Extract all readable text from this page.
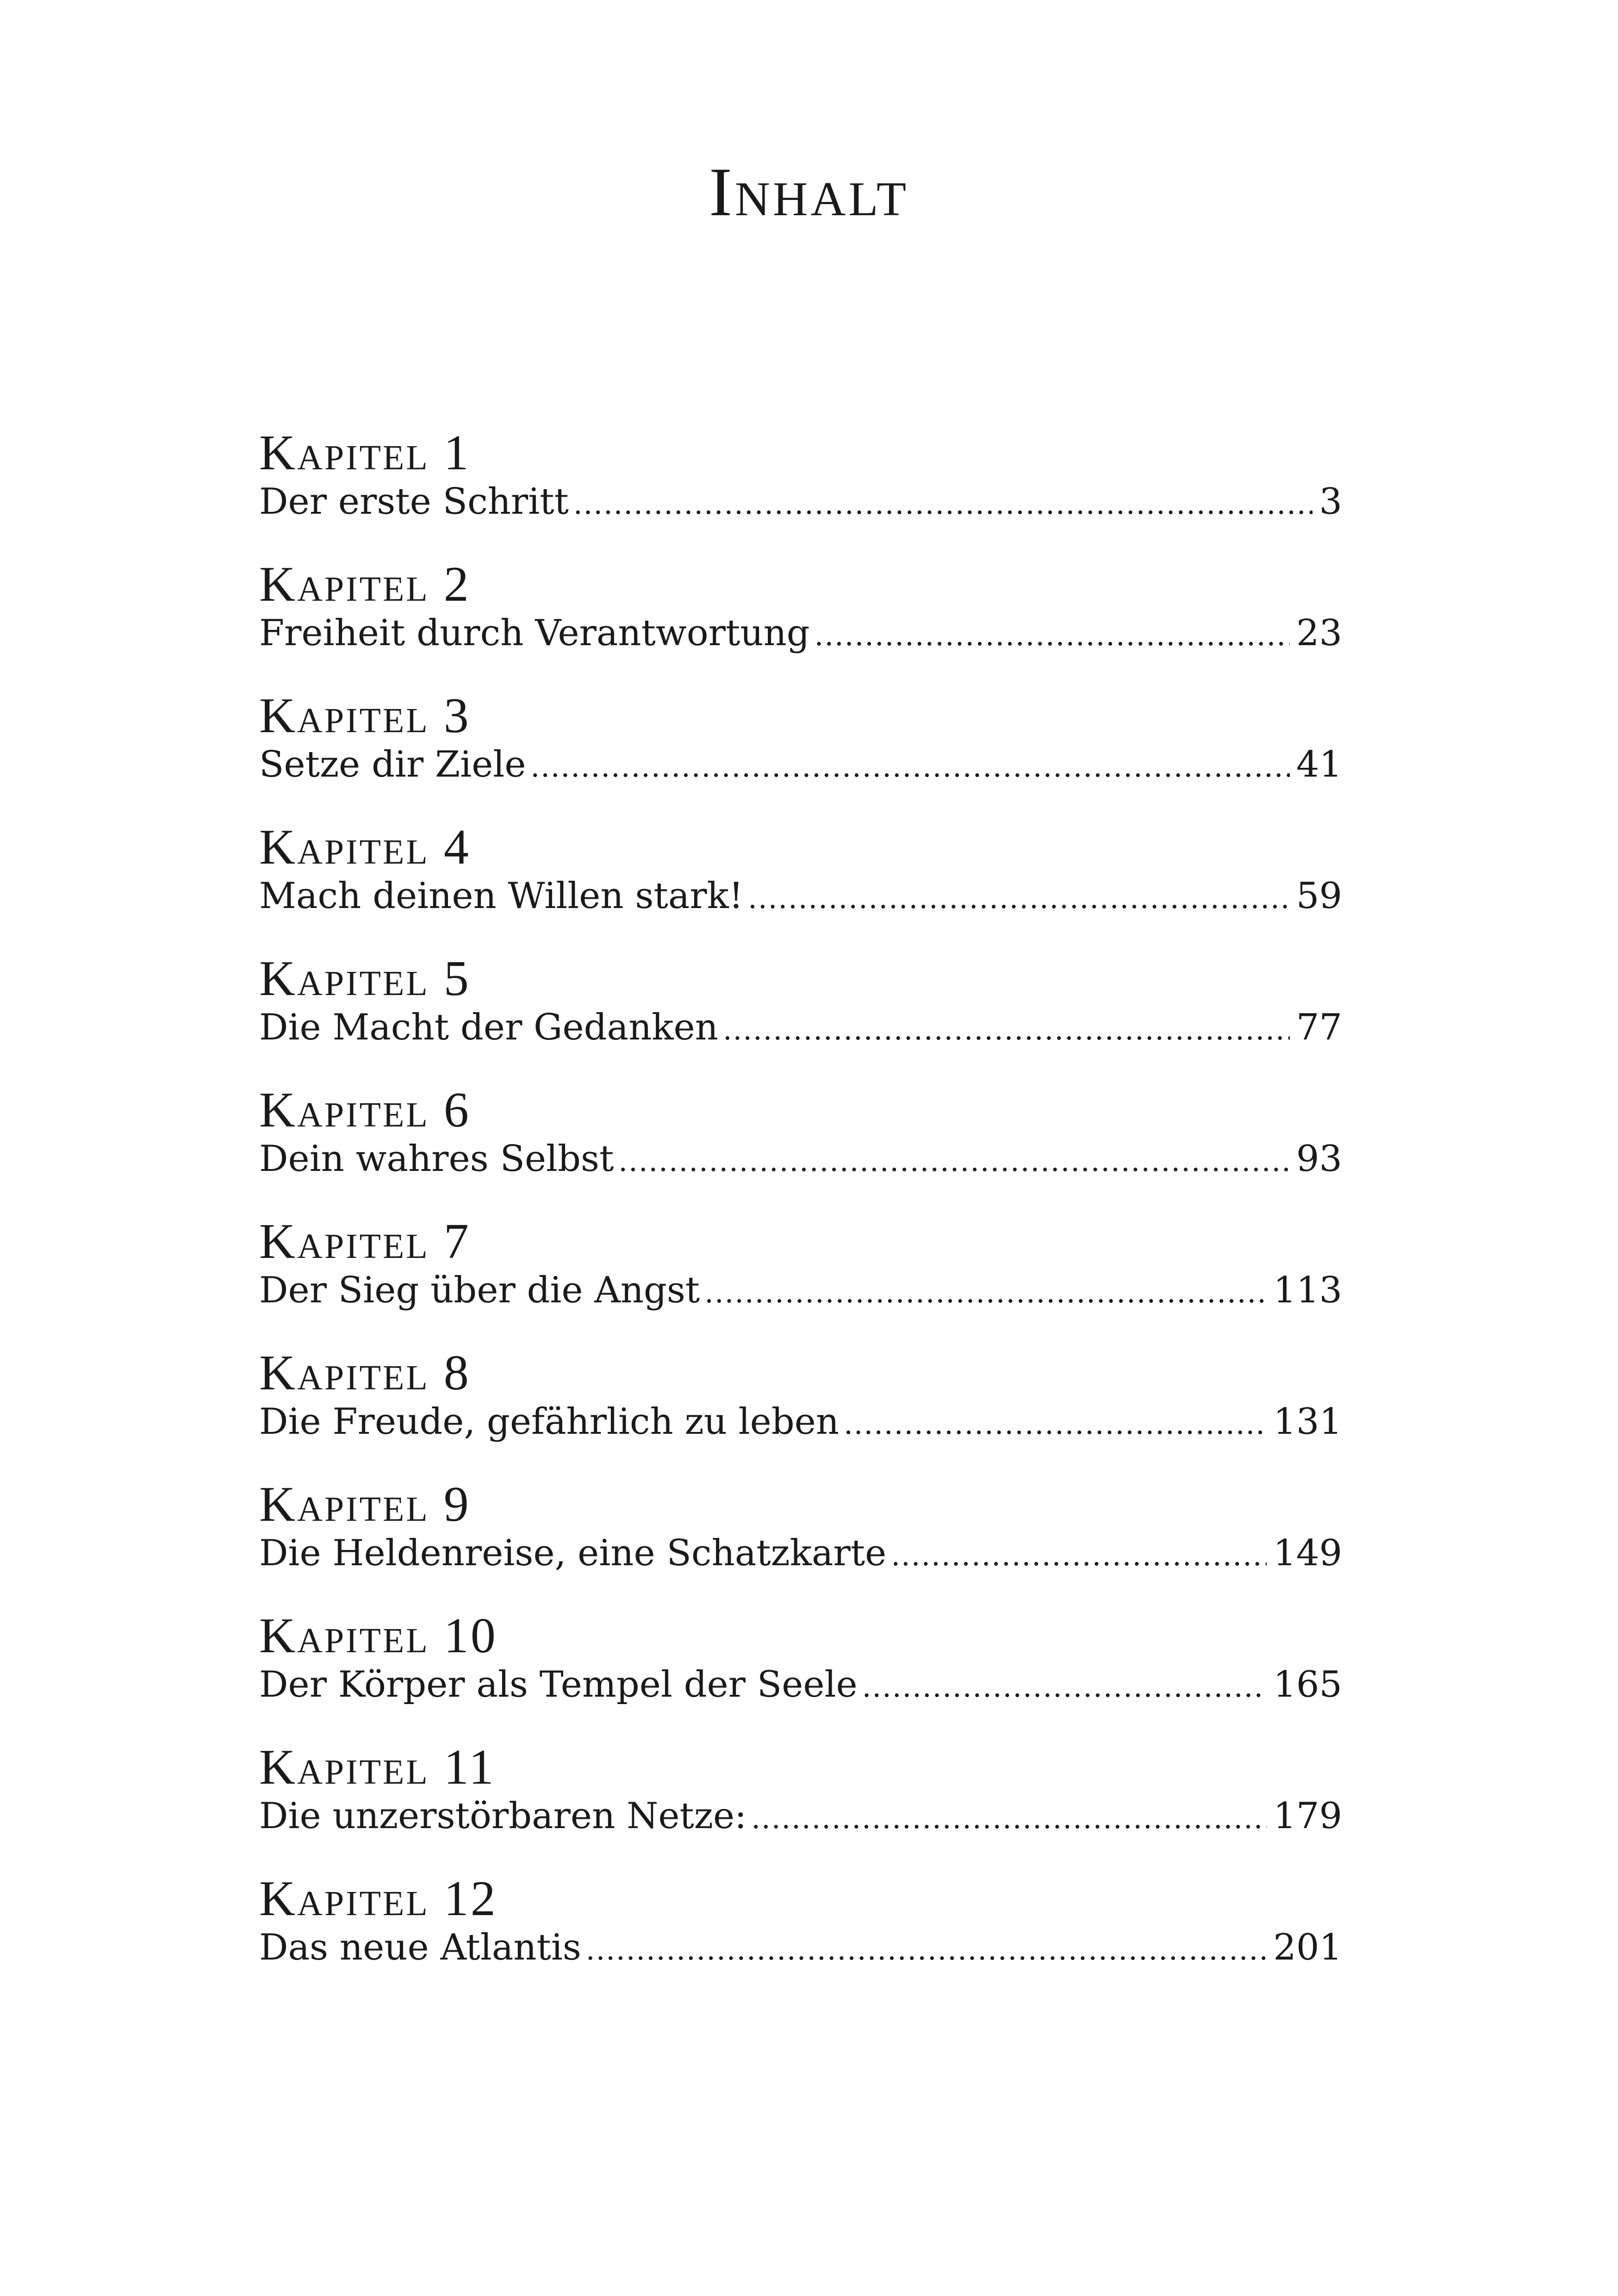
Inhalt
Kapitel 1
Der erste Schritt .....	3
Kapitel 2
Freiheit durch Verantwortung .....	23
Kapitel 3
Setze dir Ziele .....	41
Kapitel 4
Mach deinen Willen stark! .....	59
Kapitel 5
Die Macht der Gedanken .....	77
Kapitel 6
Dein wahres Selbst .....	93
Kapitel 7
Der Sieg über die Angst .....	113
Kapitel 8
Die Freude, gefährlich zu leben .....	131
Kapitel 9
Die Heldenreise, eine Schatzkarte .....	149
Kapitel 10
Der Körper als Tempel der Seele .....	165
Kapitel 11
Die unzerstörbaren Netze: .....	179
Kapitel 12
Das neue Atlantis .....	201
